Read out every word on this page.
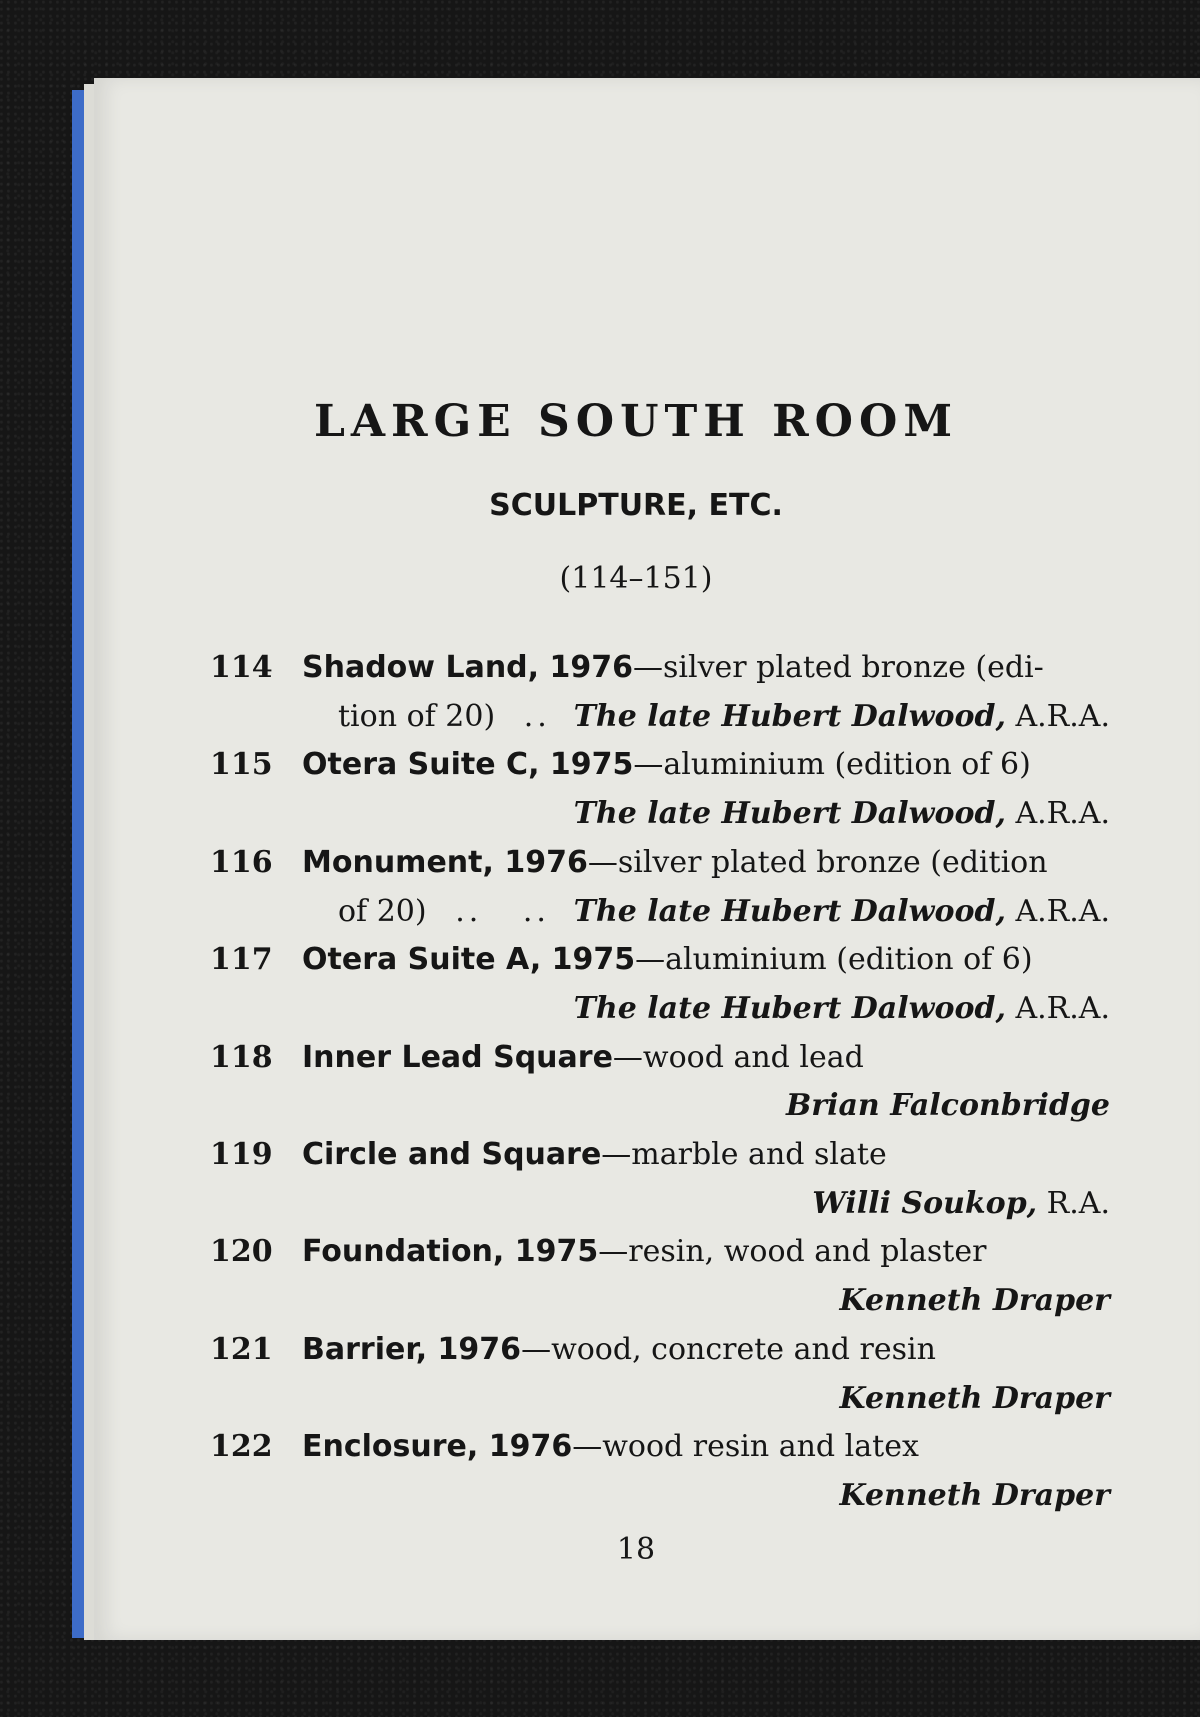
LARGE SOUTH ROOM
SCULPTURE, ETC.
(114–151)
114 Shadow Land, 1976—silver plated bronze (edi-
tion of 20) .. The late Hubert Dalwood, A.R.A.
115 Otera Suite C, 1975—aluminium (edition of 6)
The late Hubert Dalwood, A.R.A.
116 Monument, 1976—silver plated bronze (edition
of 20) ..   .. The late Hubert Dalwood, A.R.A.
117 Otera Suite A, 1975—aluminium (edition of 6)
The late Hubert Dalwood, A.R.A.
118 Inner Lead Square—wood and lead
Brian Falconbridge
119 Circle and Square—marble and slate
Willi Soukop, R.A.
120 Foundation, 1975—resin, wood and plaster
Kenneth Draper
121 Barrier, 1976—wood, concrete and resin
Kenneth Draper
122 Enclosure, 1976—wood resin and latex
Kenneth Draper
18
